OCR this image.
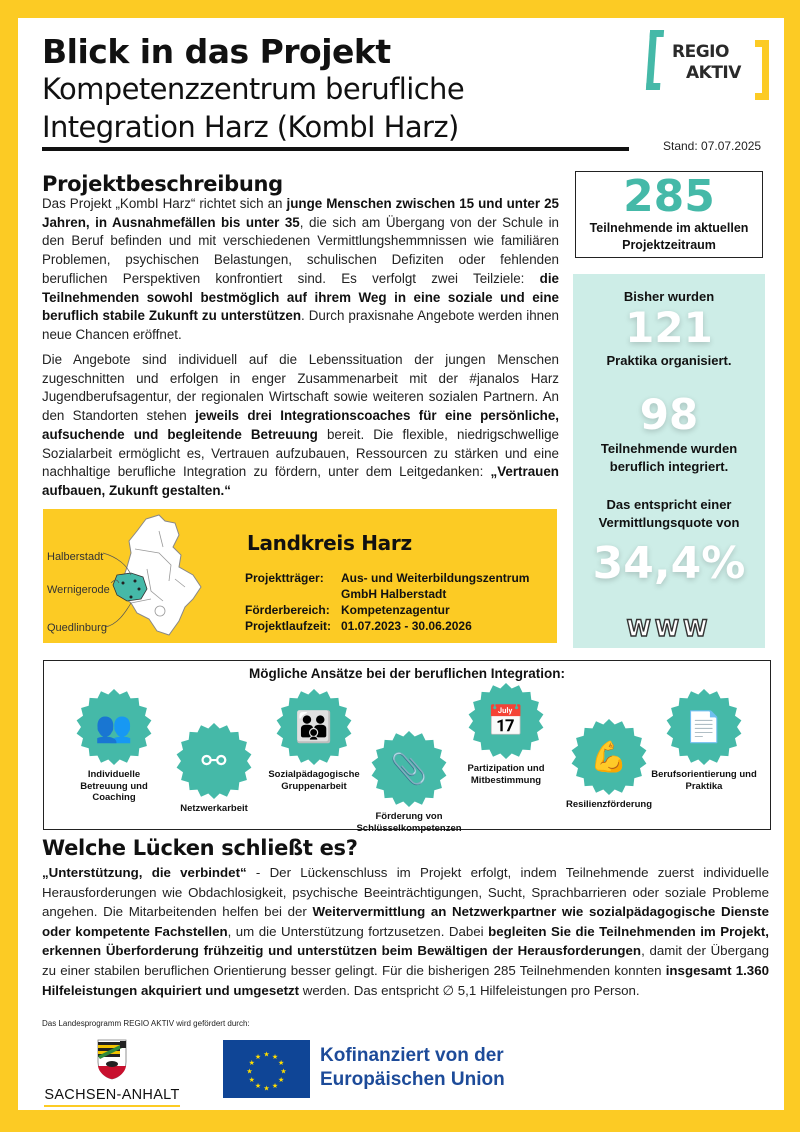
Blick in das Projekt
Kompetenzzentrum berufliche
Integration Harz (KombI Harz)
Stand: 07.07.2025
REGIO
AKTIV
Projektbeschreibung
Das Projekt „KombI Harz“ richtet sich an junge Menschen zwischen 15 und unter 25 Jahren, in Ausnahmefällen bis unter 35, die sich am Übergang von der Schule in den Beruf befinden und mit verschiedenen Vermittlungshemmnissen wie familiären Problemen, psychischen Belastungen, schulischen Defiziten oder fehlenden beruflichen Perspektiven konfrontiert sind. Es verfolgt zwei Teilziele: die Teilnehmenden sowohl bestmöglich auf ihrem Weg in eine soziale und eine beruflich stabile Zukunft zu unterstützen. Durch praxisnahe Angebote werden ihnen neue Chancen eröffnet.
Die Angebote sind individuell auf die Lebenssituation der jungen Menschen zugeschnitten und erfolgen in enger Zusammenarbeit mit der #janalos Harz Jugendberufsagentur, der regionalen Wirtschaft sowie weiteren sozialen Partnern. An den Standorten stehen jeweils drei Integrationscoaches für eine persönliche, aufsuchende und begleitende Betreuung bereit. Die flexible, niedrigschwellige Sozialarbeit ermöglicht es, Vertrauen aufzubauen, Ressourcen zu stärken und eine nachhaltige berufliche Integration zu fördern, unter dem Leitgedanken: „Vertrauen aufbauen, Zukunft gestalten.“
285
Teilnehmende im aktuellen
Projektzeitraum
Bisher wurden
121
Praktika organisiert.
98
Teilnehmende wurden
beruflich integriert.
Das entspricht einer
Vermittlungsquote von
34,4%
WWW
Halberstadt
Wernigerode
Quedlinburg
Landkreis Harz
Projektträger:	Aus- und Weiterbildungszentrum
GmbH Halberstadt
Förderbereich: Kompetenzagentur
Projektlaufzeit: 01.07.2023 - 30.06.2026
Mögliche Ansätze bei der beruflichen Integration:
👥
Individuelle
Betreuung und
Coaching
⚯
Netzwerkarbeit
👪
Sozialpädagogische
Gruppenarbeit
📎
Förderung von
Schlüsselkompetenzen
📅
Partizipation und
Mitbestimmung
💪
Resilienzförderung
📄
Berufsorientierung und
Praktika
Welche Lücken schließt es?
„Unterstützung, die verbindet“ - Der Lückenschluss im Projekt erfolgt, indem Teilnehmende zuerst individuelle Herausforderungen wie Obdachlosigkeit, psychische Beeinträchtigungen, Sucht, Sprachbarrieren oder soziale Probleme angehen. Die Mitarbeitenden helfen bei der Weitervermittlung an Netzwerkpartner wie sozialpädagogische Dienste oder kompetente Fachstellen, um die Unterstützung fortzusetzen. Dabei begleiten Sie die Teilnehmenden im Projekt, erkennen Überforderung frühzeitig und unterstützen beim Bewältigen der Herausforderungen, damit der Übergang zu einer stabilen beruflichen Orientierung besser gelingt. Für die bisherigen 285 Teilnehmenden konnten insgesamt 1.360 Hilfeleistungen akquiriert und umgesetzt werden. Das entspricht ∅ 5,1 Hilfeleistungen pro Person.
Das Landesprogramm REGIO AKTIV wird gefördert durch:
SACHSEN-ANHALT
★ ★
★
★
★
★
★
★
★
★
★
★	Kofinanziert von der
Europäischen Union
